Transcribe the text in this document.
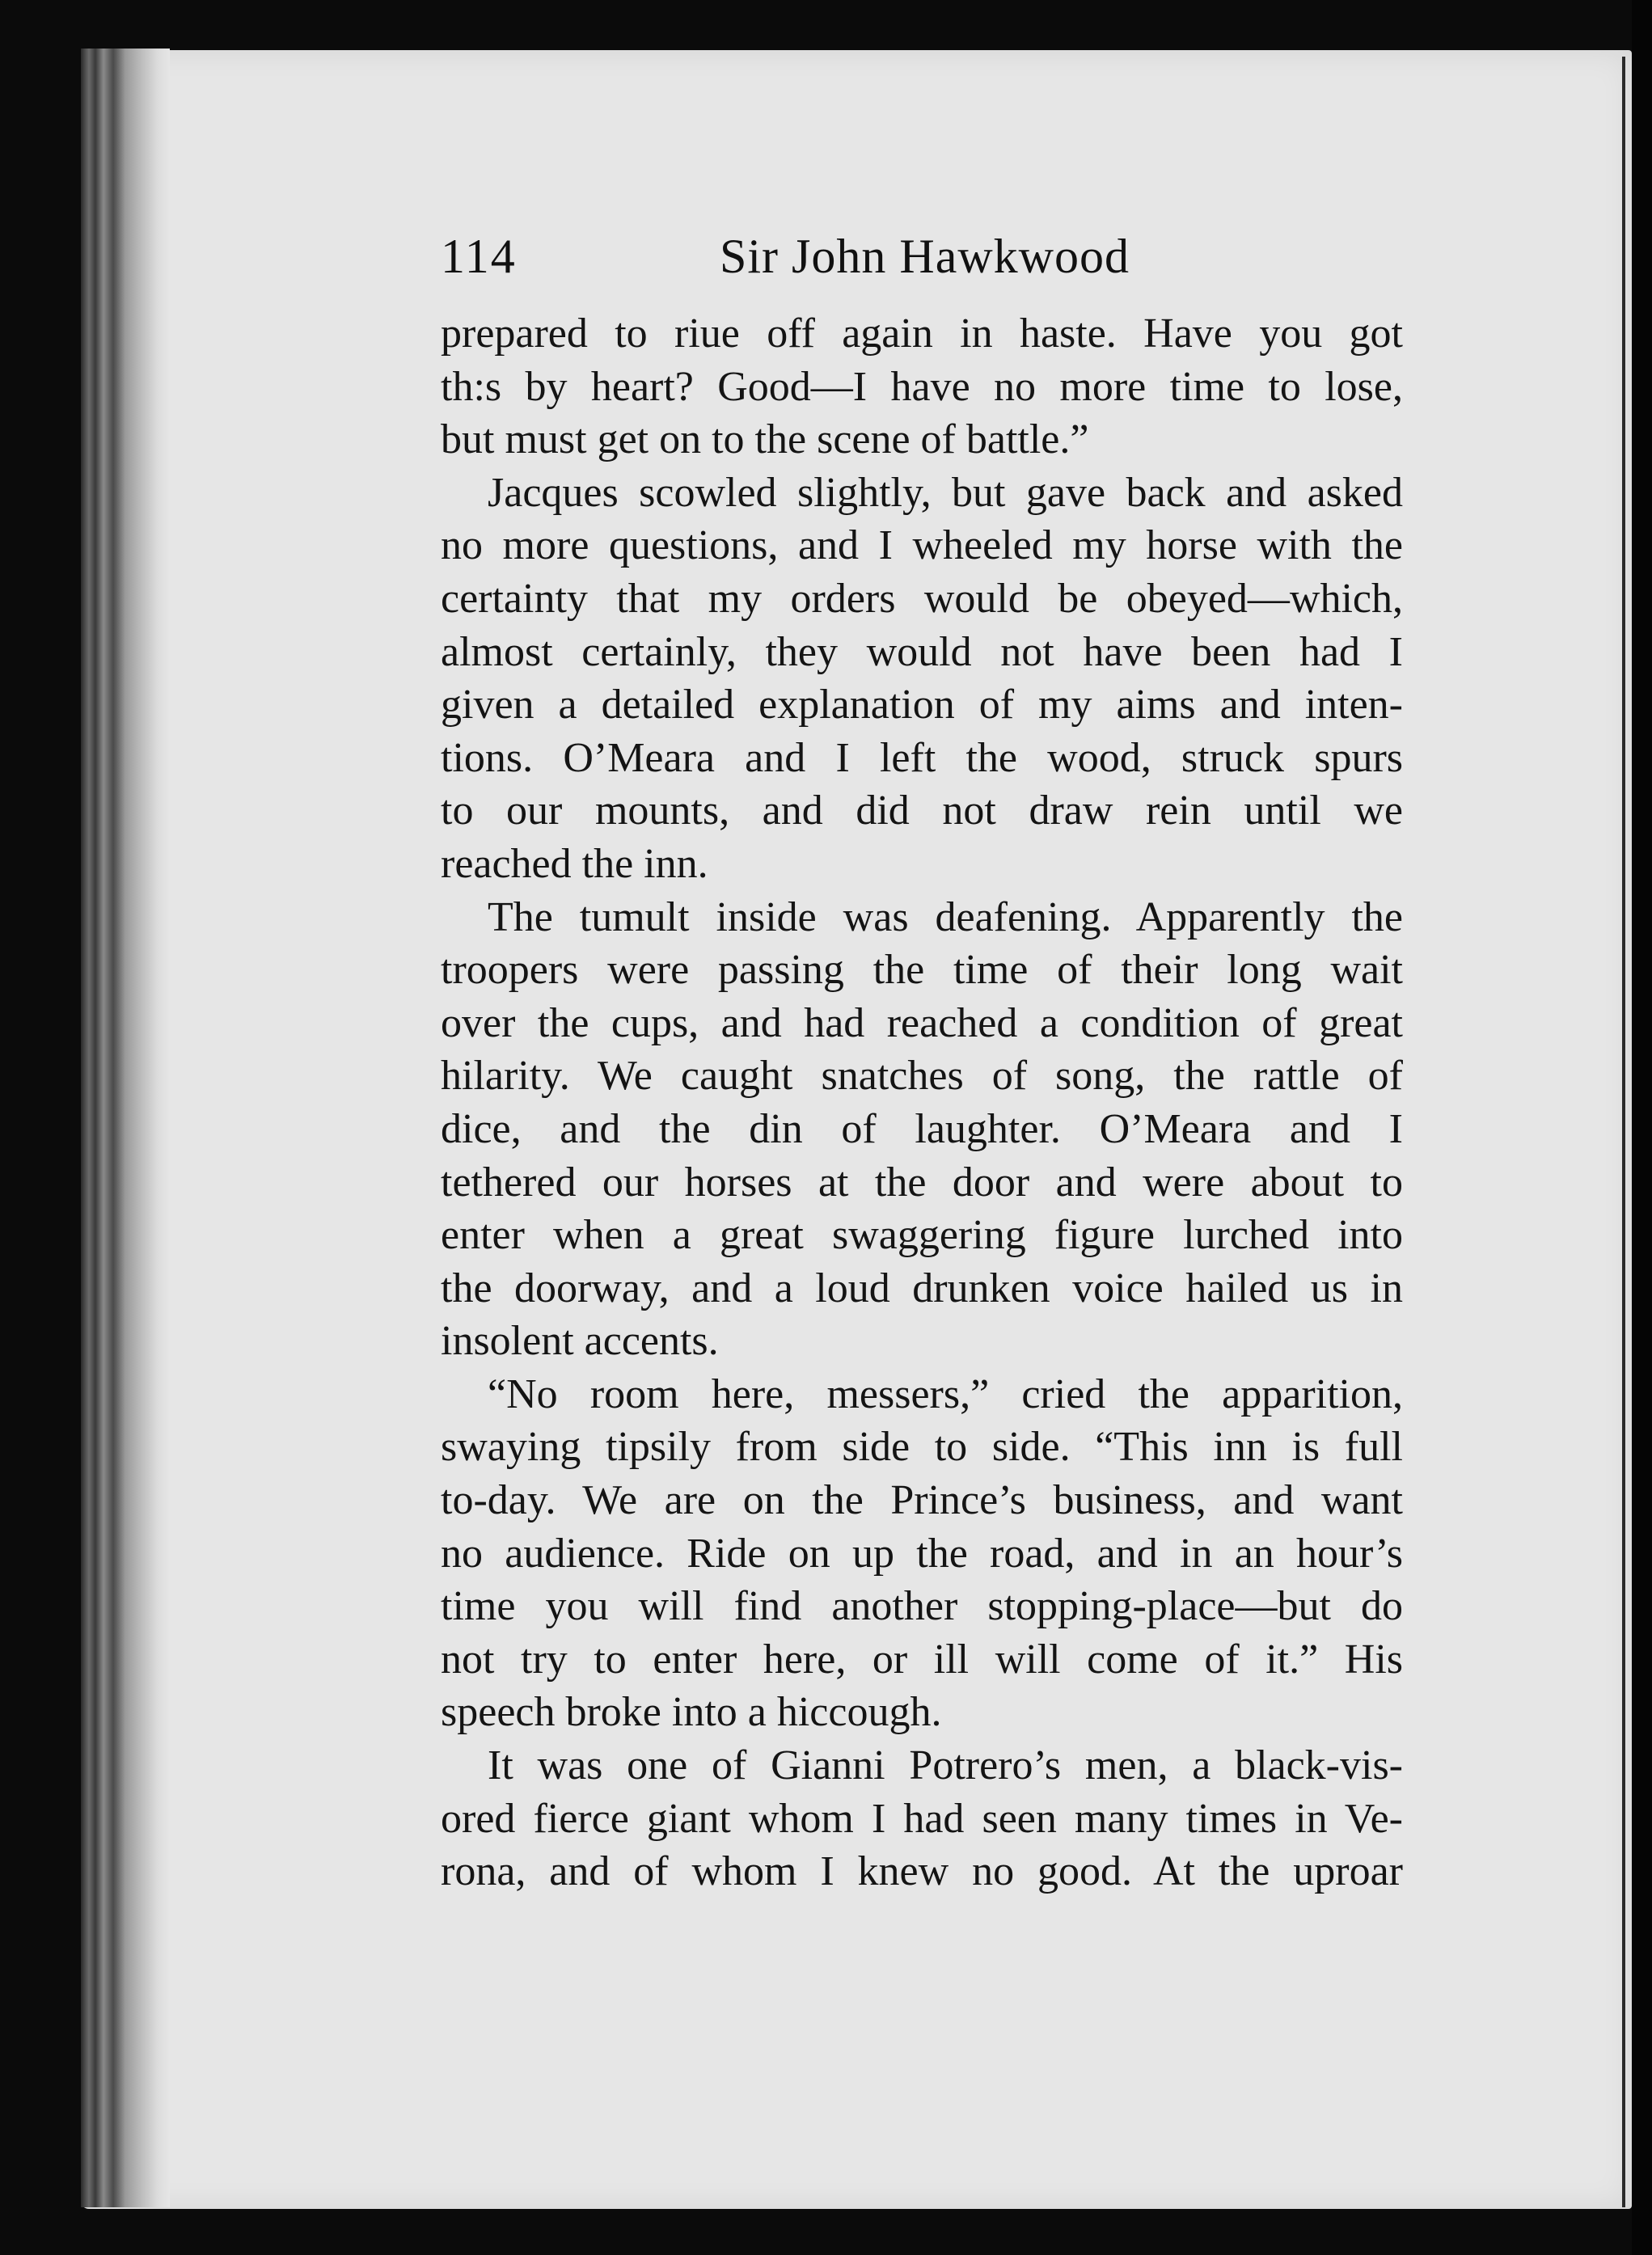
114	Sir John Hawkwood
prepared to riue off again in haste. Have you got
th:s by heart? Good—I have no more time to lose,
but must get on to the scene of battle.”
Jacques scowled slightly, but gave back and asked
no more questi​ons, and I wheeled my horse with the
certainty that my orders would be obeyed—which,
almost certainly, they would not have been had I
given a detailed explanation of my aims and inten-
tions. O’Meara and I left the wood, struck spurs
to our mounts, and did not draw rein until we
reached the inn.
The tumult inside was deafening. Apparently the
troopers were passing the time of their long wait
over the cups, and had reached a condition of great
hilarity. We caught snatches of song, the rattle of
dice, and the din of laughter. O’Meara and I
tethered our horses at the door and were about to
enter when a great swaggering figure lurched into
the doorway, and a loud drunken voice hailed us in
insolent accents.
“No room here, messers,” cried the apparition,
swaying tipsily from side to side. “This inn is full
to-day. We are on the Prince’s business, and want
no audience. Ride on up the road, and in an hour’s
time you will find another stopping-place—but do
not try to enter here, or ill will come of it.” His
speech broke into a hiccough.
It was one of Gianni Potrero’s men, a black-vis-
ored fierce giant whom I had seen many times in Ve-
rona, and of whom I knew no good. At the uproar
